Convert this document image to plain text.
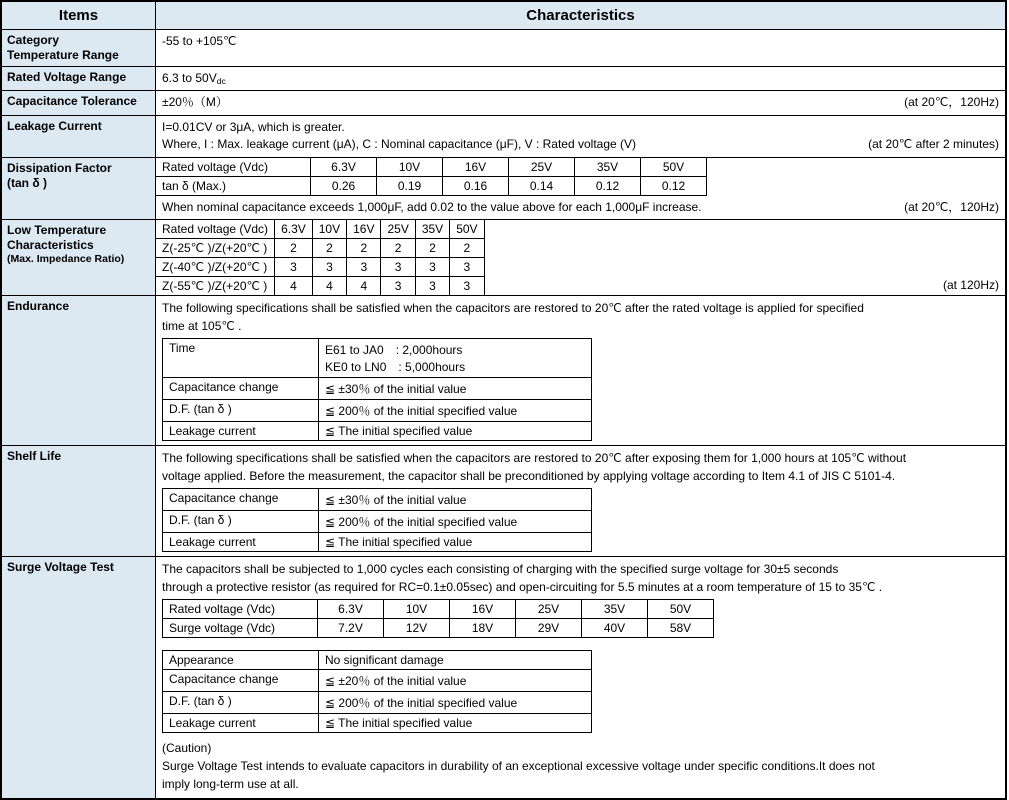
Items	Characteristics

Category
Temperature Range
	-55 to +105℃
Rated Voltage Range	6.3 to $50V_{dc}$
Capacitance Tolerance	±20％（M）	(at 20℃，120Hz)

Leakage Current	I=0.01CV or 3μA, which is greater.
Where, I : Max. leakage current (μA), C : Nominal capacitance (μF), V : Rated voltage (V)	(at 20℃ after 2 minutes)

Dissipation Factor
(tan δ )

Rated voltage (Vdc)	6.3V	10V	16V	25V	35V	50V
tan δ (Max.)	0.26	0.19	0.16	0.14	0.12	0.12
When nominal capacitance exceeds 1,000μF, add 0.02 to the value above for each 1,000μF increase.	(at 20℃，120Hz)

Low Temperature
Characteristics
(Max. Impedance Ratio)

Rated voltage (Vdc)	6.3V	10V	16V	25V	35V	50V
Z(-25℃ )/Z(+20℃ )	2	2	2	2	2	2
Z(-40℃ )/Z(+20℃ )	3	3	3	3	3	3
Z(-55℃ )/Z(+20℃ )	4	4	4	3	3	3	(at 120Hz)

Endurance	The following specifications shall be satisfied when the capacitors are restored to 20℃ after the rated voltage is applied for specified
time at 105℃ .
Time	E61 to JA0　: 2,000hours
KE0 to LN0　: 5,000hours

Capacitance change	≦ ±30％ of the initial value
D.F. (tan δ )	≦ 200％ of the initial specified value
Leakage current	≦ The initial specified value

Shelf Life	The following specifications shall be satisfied when the capacitors are restored to 20℃ after exposing them for 1,000 hours at 105℃ without
voltage applied. Before the measurement, the capacitor shall be preconditioned by applying voltage according to Item 4.1 of JIS C 5101-4.
Capacitance change	≦ ±30％ of the initial value
D.F. (tan δ )	≦ 200％ of the initial specified value
Leakage current	≦ The initial specified value

Surge Voltage Test	The capacitors shall be subjected to 1,000 cycles each consisting of charging with the specified surge voltage for 30±5 seconds
through a protective resistor (as required for RC=0.1±0.05sec) and open-circuiting for 5.5 minutes at a room temperature of 15 to 35℃ .
Rated voltage (Vdc)	6.3V	10V	16V	25V	35V	50V
Surge voltage (Vdc)	7.2V	12V	18V	29V	40V	58V
Appearance	No significant damage
Capacitance change	≦ ±20％ of the initial value
D.F. (tan δ )	≦ 200％ of the initial specified value
Leakage current	≦ The initial specified value
(Caution)
Surge Voltage Test intends to evaluate capacitors in durability of an exceptional excessive voltage under specific conditions.It does not
imply long-term use at all.
